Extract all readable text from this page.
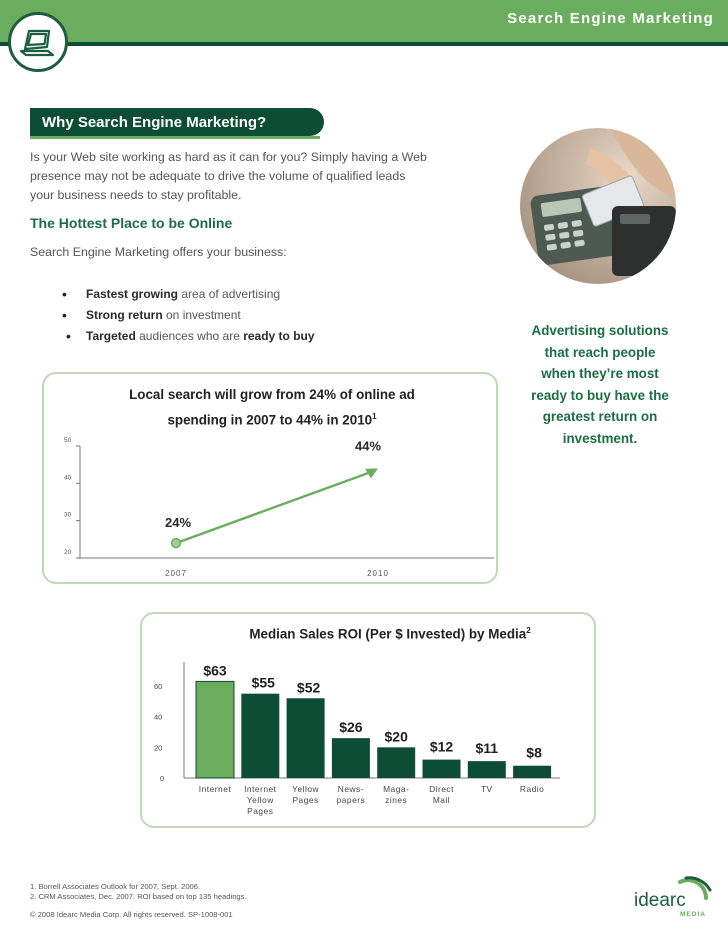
Search Engine Marketing
Why Search Engine Marketing?
Is your Web site working as hard as it can for you? Simply having a Web
presence may not be adequate to drive the volume of qualified leads
your business needs to stay profitable.
The Hottest Place to be Online
Search Engine Marketing offers your business:
•	Fastest growing area of advertising
•	Strong return on investment
•	Targeted audiences who are ready to buy	Advertising solutions
that reach people
when they’re most
ready to buy have the
greatest return on
investment.
Local search will grow from 24% of online ad
spending in 2007 to 44% in 2010$^1$
50
40
30
20
2007	2010
24%
44%
Median Sales ROI (Per $ Invested) by Media$^2$
60
40
20
0
$63
Internet
$55
Internet
Yellow
Pages
$52
Yellow
Pages
$26
News-
papers
$20
Maga-
zines
$12
Direct
Mail
$11
TV
$8
Radio
1. Borrell Associates Outlook for 2007, Sept. 2006.
2. CRM Associates, Dec. 2007. ROI based on top 135 headings.
© 2008 Idearc Media Corp. All rights reserved. SP-1008-001
idearc
MEDIA
